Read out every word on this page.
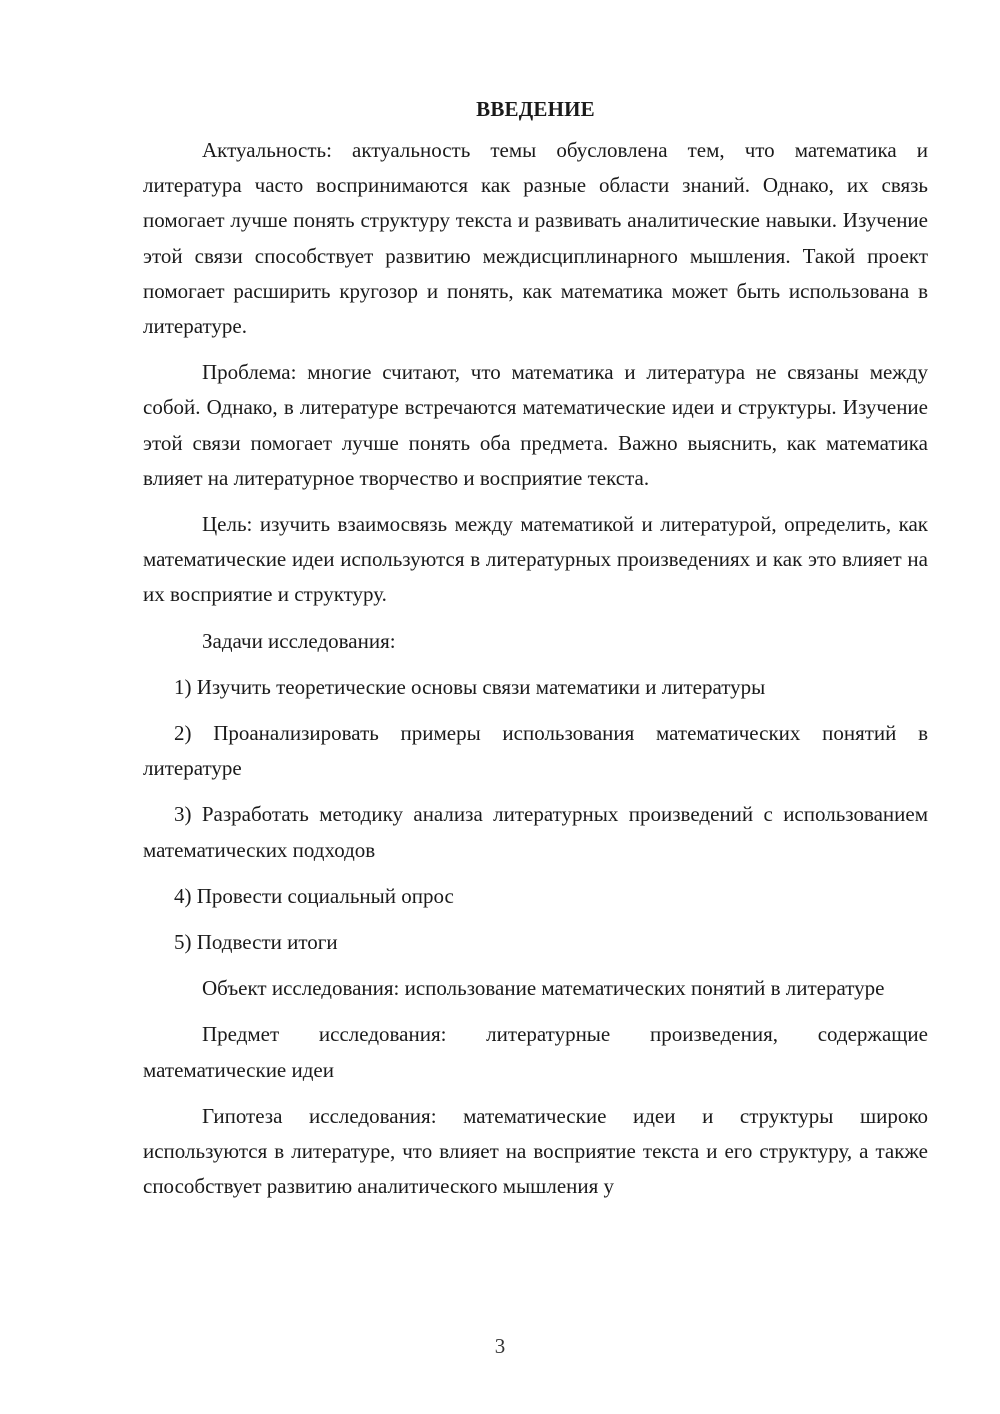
ВВЕДЕНИЕ

Актуальность: актуальность темы обусловлена тем, что математика и литература часто воспринимаются как разные области знаний. Однако, их связь помогает лучше понять структуру текста и развивать аналитические навыки. Изучение этой связи способствует развитию междисциплинарного мышления. Такой проект помогает расширить кругозор и понять, как математика может быть использована в литературе.

Проблема: многие считают, что математика и литература не связаны между собой. Однако, в литературе встречаются математические идеи и структуры. Изучение этой связи помогает лучше понять оба предмета. Важно выяснить, как математика влияет на литературное творчество и восприятие текста.

Цель: изучить взаимосвязь между математикой и литературой, определить, как математические идеи используются в литературных произведениях и как это влияет на их восприятие и структуру.

Задачи исследования:

1) Изучить теоретические основы связи математики и литературы

2) Проанализировать примеры использования математических понятий в литературе

3) Разработать методику анализа литературных произведений с использованием математических подходов

4) Провести социальный опрос

5) Подвести итоги

Объект исследования: использование математических понятий в литературе

Предмет исследования: литературные произведения, содержащие математические идеи

Гипотеза исследования: математические идеи и структуры широко используются в литературе, что влияет на восприятие текста и его структуру, а также способствует развитию аналитического мышления у

3
